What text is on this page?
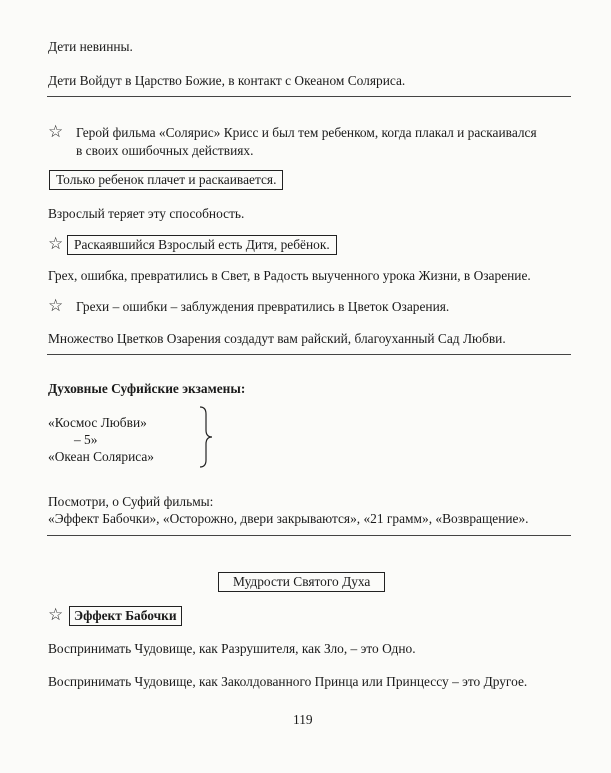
Дети невинны.
Дети Войдут в Царство Божие, в контакт с Океаном Соляриса.
☆ Герой фильма «Солярис» Крисс и был тем ребенком, когда плакал и раскаивался
в своих ошибочных действиях.
Только ребенок плачет и раскаивается.
Взрослый теряет эту способность.
☆ Раскаявшийся Взрослый есть Дитя, ребёнок.
Грех, ошибка, превратились в Свет, в Радость выученного урока Жизни, в Озарение.
☆ Грехи – ошибки – заблуждения превратились в Цветок Озарения.
Множество Цветков Озарения создадут вам райский, благоуханный Сад Любви.
Духовные Суфийские экзамены:
«Космос Любви»
– 5»
«Океан Соляриса»
Посмотри, о Суфий фильмы:
«Эффект Бабочки», «Осторожно, двери закрываются», «21 грамм», «Возвращение».
Мудрости Святого Духа
☆ Эффект Бабочки
Воспринимать Чудовище, как Разрушителя, как Зло, – это Одно.
Воспринимать Чудовище, как Заколдованного Принца или Принцессу – это Другое.
119
